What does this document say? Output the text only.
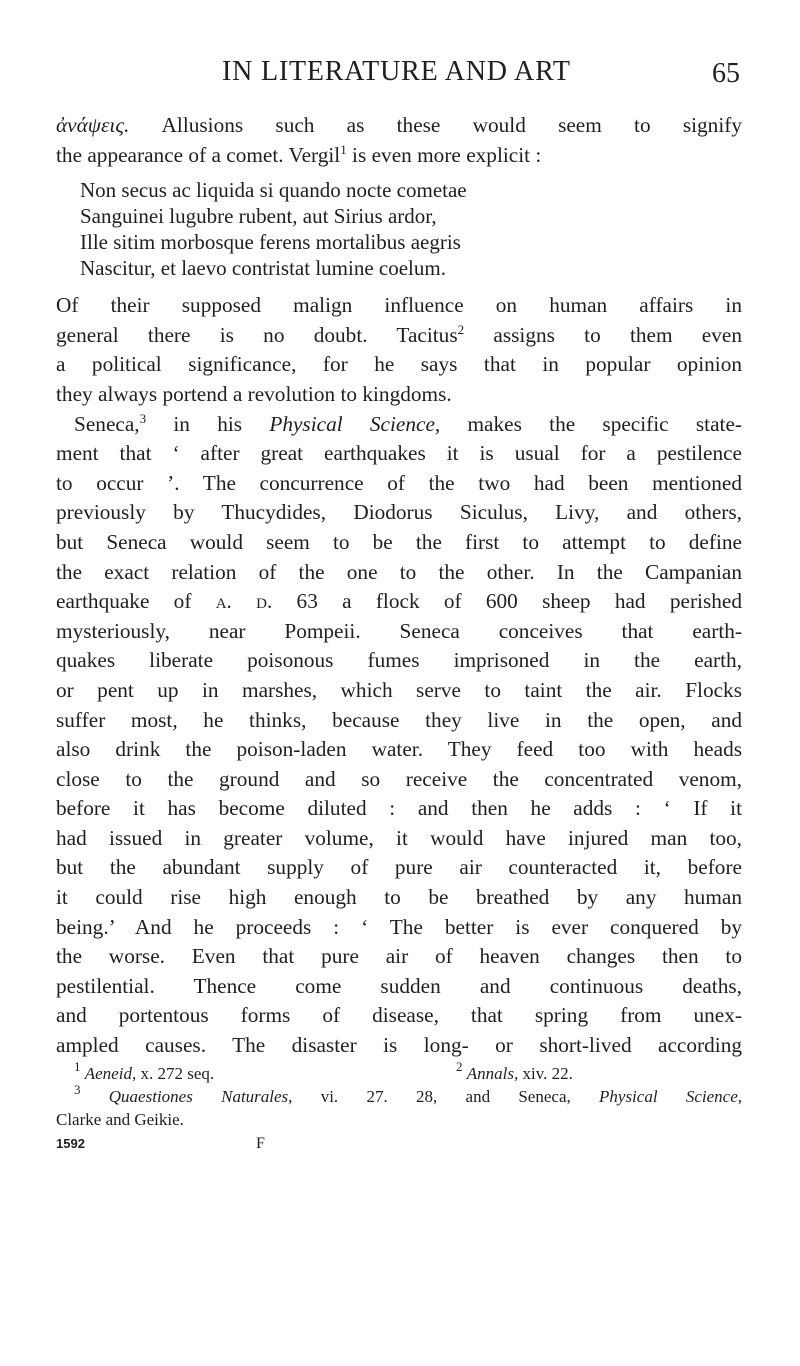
IN LITERATURE AND ART	65

ἀνάψεις. Allusions such as these would seem to signify
the appearance of a comet. Vergil$^1$ is even more explicit :

Non secus ac liquida si quando nocte cometae
Sanguinei lugubre rubent, aut Sirius ardor,
Ille sitim morbosque ferens mortalibus aegris
Nascitur, et laevo contristat lumine coelum.

Of their supposed malign influence on human affairs in
general there is no doubt. Tacitus$^2$ assigns to them even
a political significance, for he says that in popular opinion
they always portend a revolution to kingdoms.

Seneca,$^3$ in his Physical Science, makes the specific state-
ment that ‘ after great earthquakes it is usual for a pestilence
to occur ’. The concurrence of the two had been mentioned
previously by Thucydides, Diodorus Siculus, Livy, and others,
but Seneca would seem to be the first to attempt to define
the exact relation of the one to the other. In the Campanian
earthquake of a. d. 63 a flock of 600 sheep had perished
mysteriously, near Pompeii. Seneca conceives that earth-
quakes liberate poisonous fumes imprisoned in the earth,
or pent up in marshes, which serve to taint the air. Flocks
suffer most, he thinks, because they live in the open, and
also drink the poison-laden water. They feed too with heads
close to the ground and so receive the concentrated venom,
before it has become diluted : and then he adds : ‘ If it
had issued in greater volume, it would have injured man too,
but the abundant supply of pure air counteracted it, before
it could rise high enough to be breathed by any human
being.’ And he proceeds : ‘ The better is ever conquered by
the worse. Even that pure air of heaven changes then to
pestilential. Thence come sudden and continuous deaths,
and portentous forms of disease, that spring from unex-
ampled causes. The disaster is long- or short-lived according

$^1$ Aeneid, x. 272 seq.	$^2$ Annals, xiv. 22.
$^3$ Quaestiones Naturales, vi. 27. 28, and Seneca, Physical Science,
Clarke and Geikie.
1592	F
